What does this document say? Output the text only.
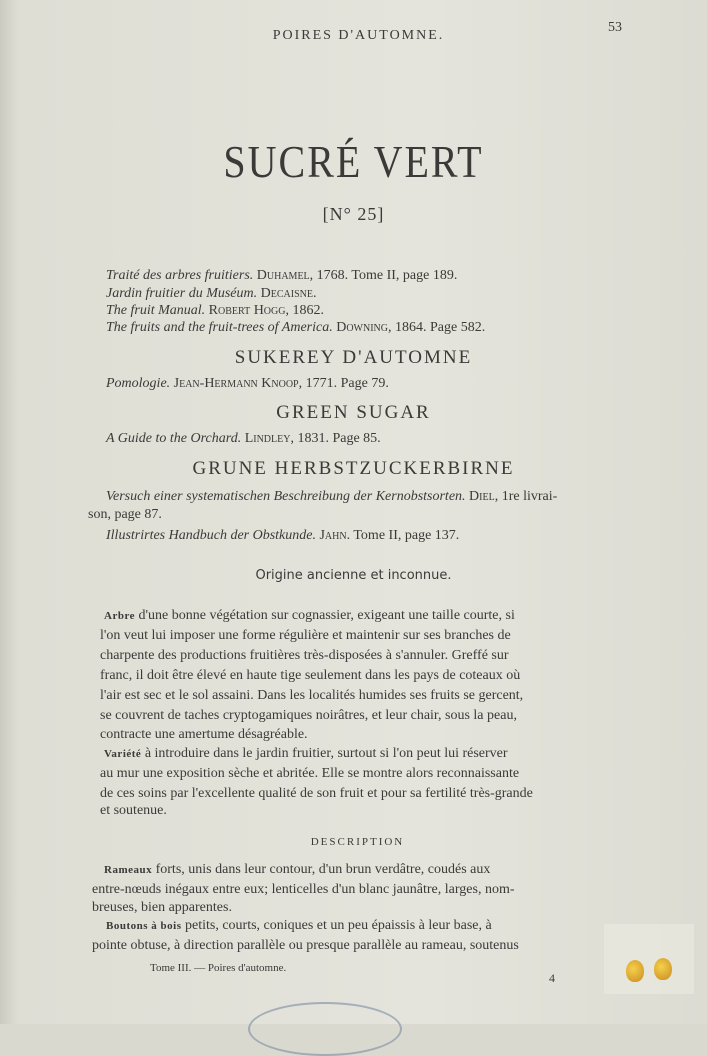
POIRES D'AUTOMNE.
53
SUCRÉ VERT
[N° 25]
Traité des arbres fruitiers. Duhamel, 1768. Tome II, page 189.
Jardin fruitier du Muséum. Decaisne.
The fruit Manual. Robert Hogg, 1862.
The fruits and the fruit-trees of America. Downing, 1864. Page 582.
SUKEREY D'AUTOMNE
Pomologie. Jean-Hermann Knoop, 1771. Page 79.
GREEN SUGAR
A Guide to the Orchard. Lindley, 1831. Page 85.
GRUNE HERBSTZUCKERBIRNE
Versuch einer systematischen Beschreibung der Kernobstsorten. Diel, 1re livrai-
son, page 87.
Illustrirtes Handbuch der Obstkunde. Jahn. Tome II, page 137.
Origine ancienne et inconnue.
Arbre d'une bonne végétation sur cognassier, exigeant une taille courte, si
l'on veut lui imposer une forme régulière et maintenir sur ses branches de
charpente des productions fruitières très-disposées à s'annuler. Greffé sur
franc, il doit être élevé en haute tige seulement dans les pays de coteaux où
l'air est sec et le sol assaini. Dans les localités humides ses fruits se gercent,
se couvrent de taches cryptogamiques noirâtres, et leur chair, sous la peau,
contracte une amertume désagréable.
Variété à introduire dans le jardin fruitier, surtout si l'on peut lui réserver
au mur une exposition sèche et abritée. Elle se montre alors reconnaissante
de ces soins par l'excellente qualité de son fruit et pour sa fertilité très-grande
et soutenue.
DESCRIPTION
Rameaux forts, unis dans leur contour, d'un brun verdâtre, coudés aux
entre-nœuds inégaux entre eux; lenticelles d'un blanc jaunâtre, larges, nom-
breuses, bien apparentes.
Boutons à bois petits, courts, coniques et un peu épaissis à leur base, à
pointe obtuse, à direction parallèle ou presque parallèle au rameau, soutenus
Tome III. — Poires d'automne.
4
